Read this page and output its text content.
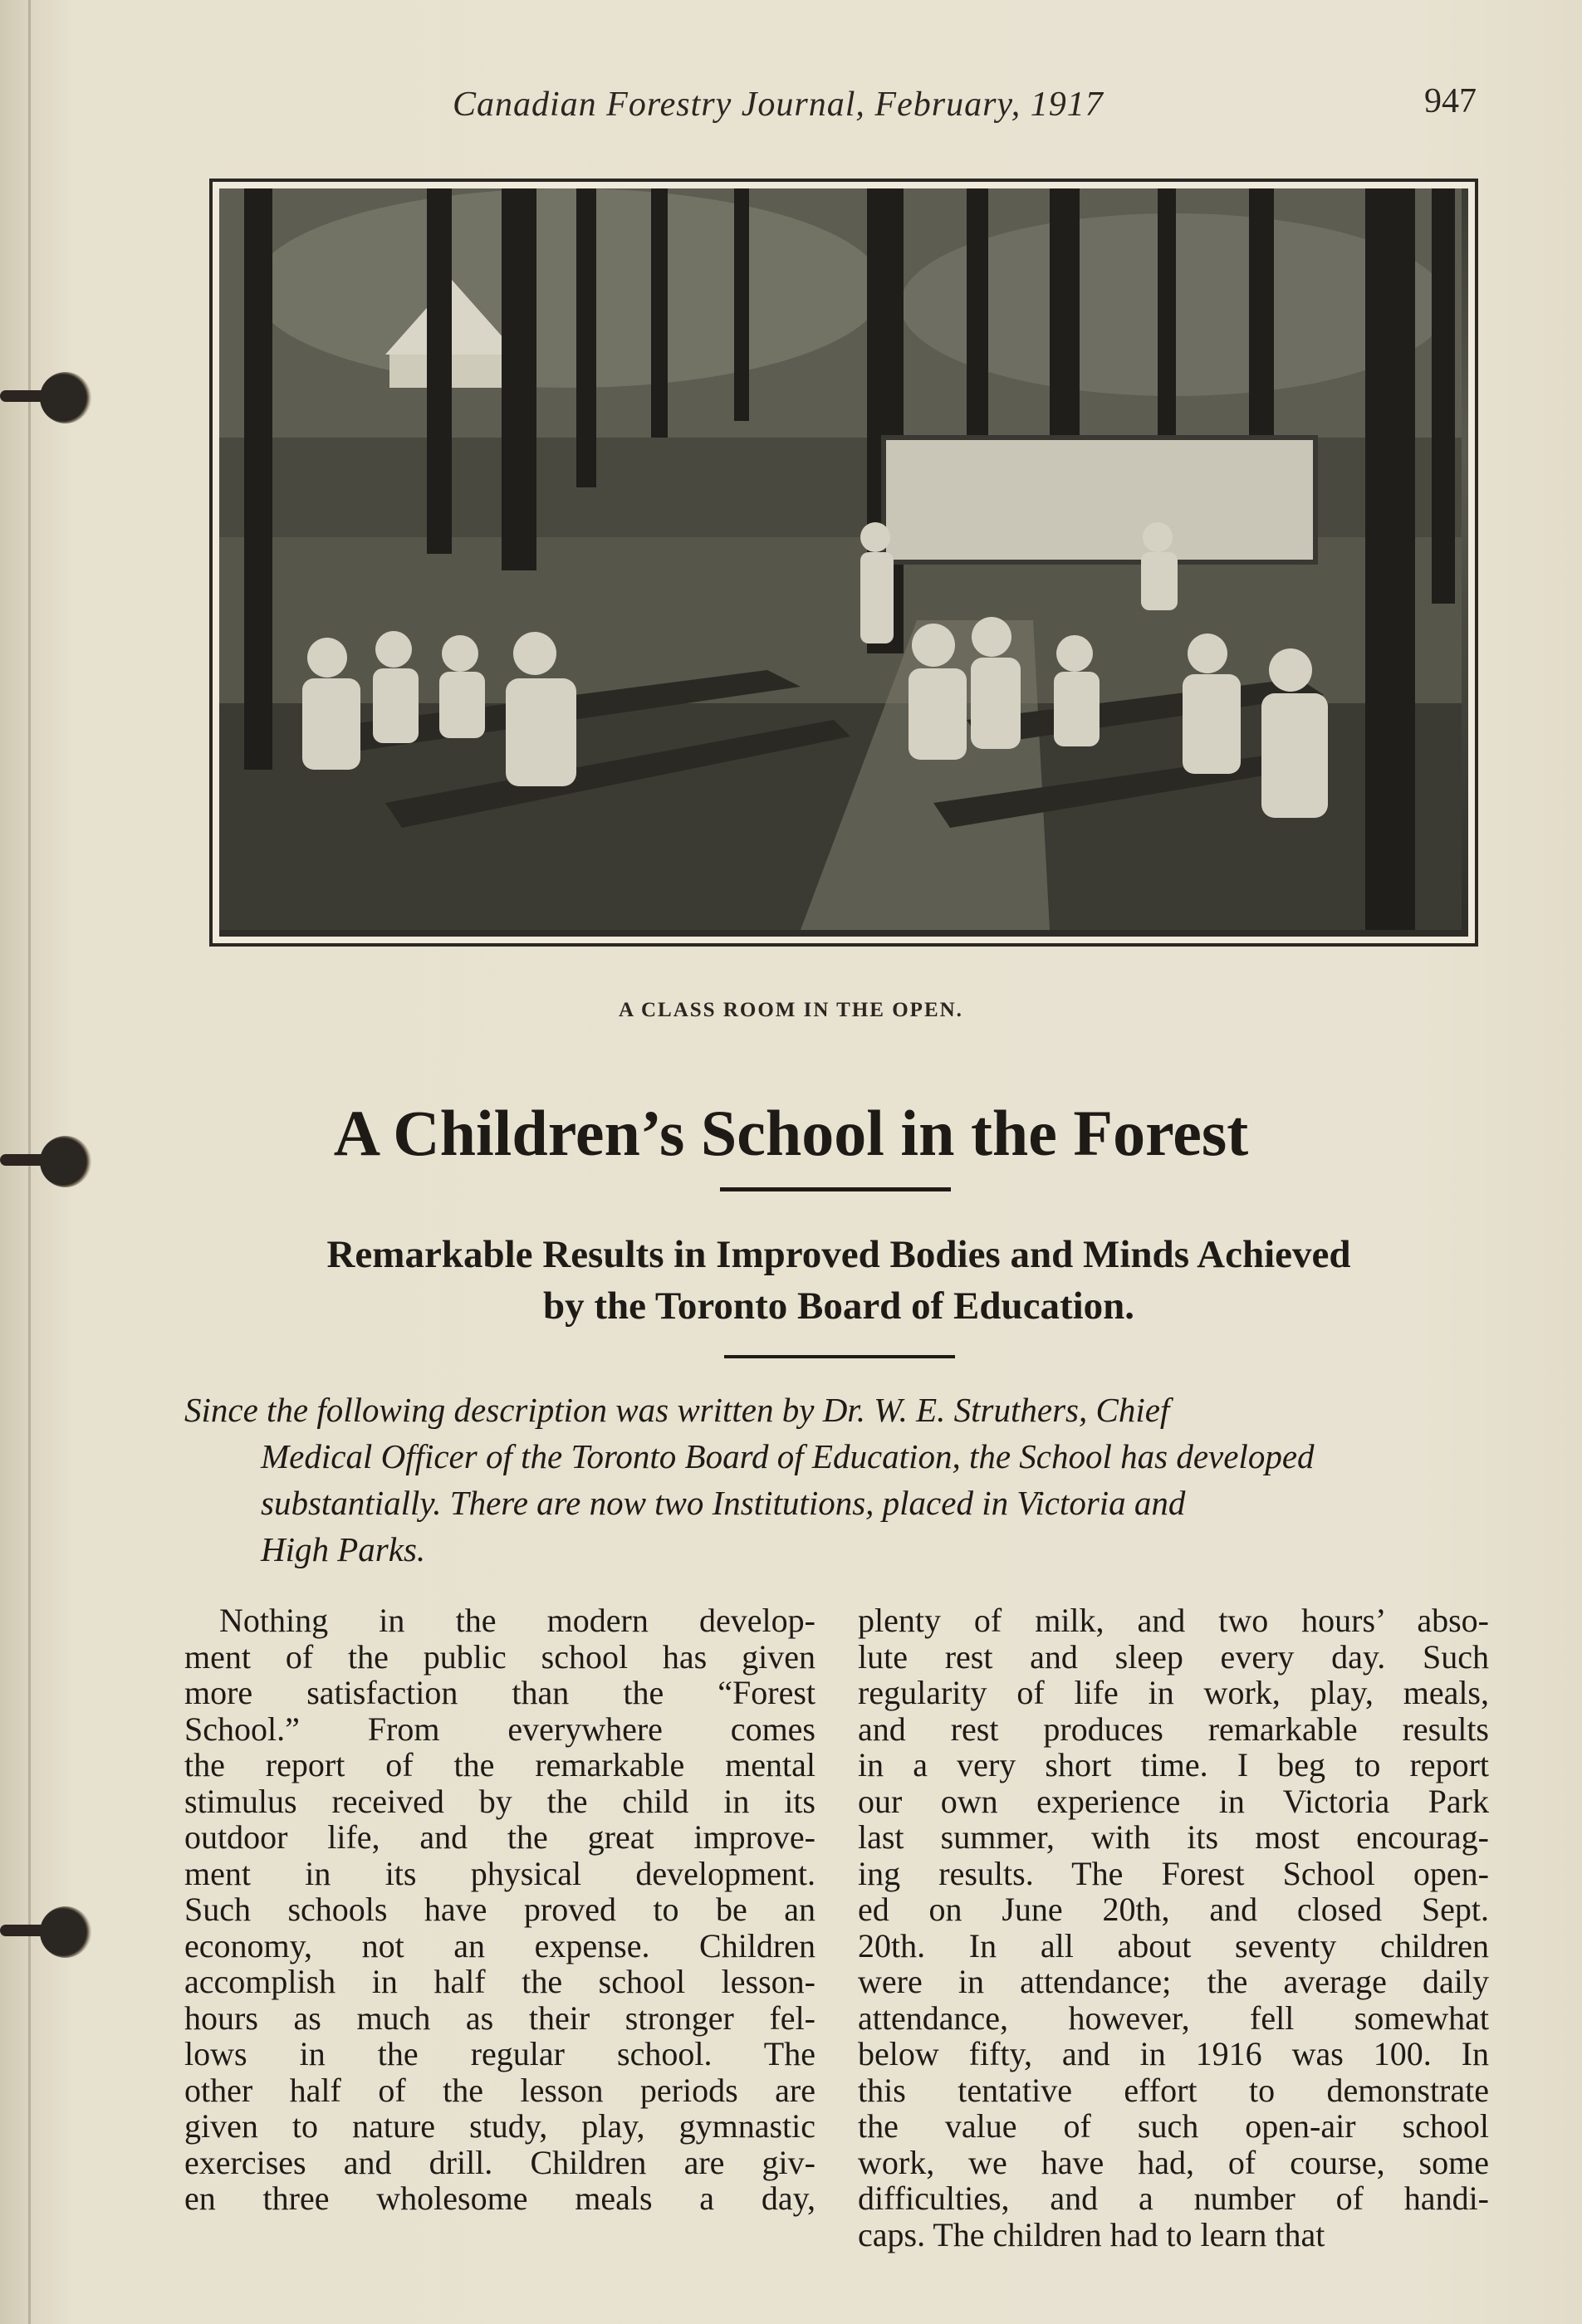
Canadian Forestry Journal, February, 1917	947
A CLASS ROOM IN THE OPEN.
A Children’s School in the Forest
Remarkable Results in Improved Bodies and Minds Achieved
by the Toronto Board of Education.
Since the following description was written by Dr. W. E. Struthers, Chief
Medical Officer of the Toronto Board of Education, the School has developed
substantially. There are now two Institutions, placed in Victoria and
High Parks.
Nothing in the modern develop-
ment of the public school has given
more satisfaction than the “Forest
School.” From everywhere comes
the report of the remarkable mental
stimulus received by the child in its
outdoor life, and the great improve-
ment in its physical development.
Such schools have proved to be an
economy, not an expense. Children
accomplish in half the school lesson-
hours as much as their stronger fel-
lows in the regular school. The
other half of the lesson periods are
given to nature study, play, gymnastic
exercises and drill. Children are giv-
en three wholesome meals a day,
plenty of milk, and two hours’ abso-
lute rest and sleep every day. Such
regularity of life in work, play, meals,
and rest produces remarkable results
in a very short time. I beg to report
our own experience in Victoria Park
last summer, with its most encourag-
ing results. The Forest School open-
ed on June 20th, and closed Sept.
20th. In all about seventy children
were in attendance; the average daily
attendance, however, fell somewhat
below fifty, and in 1916 was 100. In
this tentative effort to demonstrate
the value of such open-air school
work, we have had, of course, some
difficulties, and a number of handi-
caps. The children had to learn that
